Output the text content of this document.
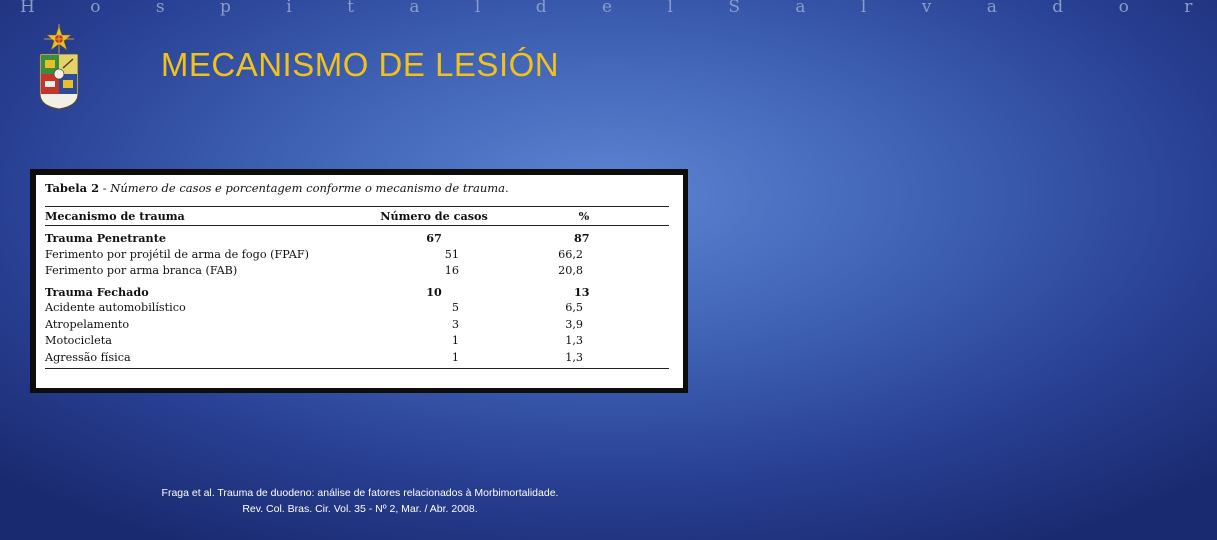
H o s p i t a l d e l S a l v a d o r
MECANISMO DE LESIÓN
Tabela 2 - Número de casos e porcentagem conforme o mecanismo de trauma.
Mecanismo de trauma	Número de casos	%
Trauma Penetrante	67	87
Ferimento por projétil de arma de fogo (FPAF)	51	66,2
Ferimento por arma branca (FAB)	16	20,8
Trauma Fechado	10	13
Acidente automobilístico	5	6,5
Atropelamento	3	3,9
Motocicleta	1	1,3
Agressão física	1	1,3
Fraga et al. Trauma de duodeno: análise de fatores relacionados à Morbimortalidade.
Rev. Col. Bras. Cir. Vol. 35 - Nº 2, Mar. / Abr. 2008.
